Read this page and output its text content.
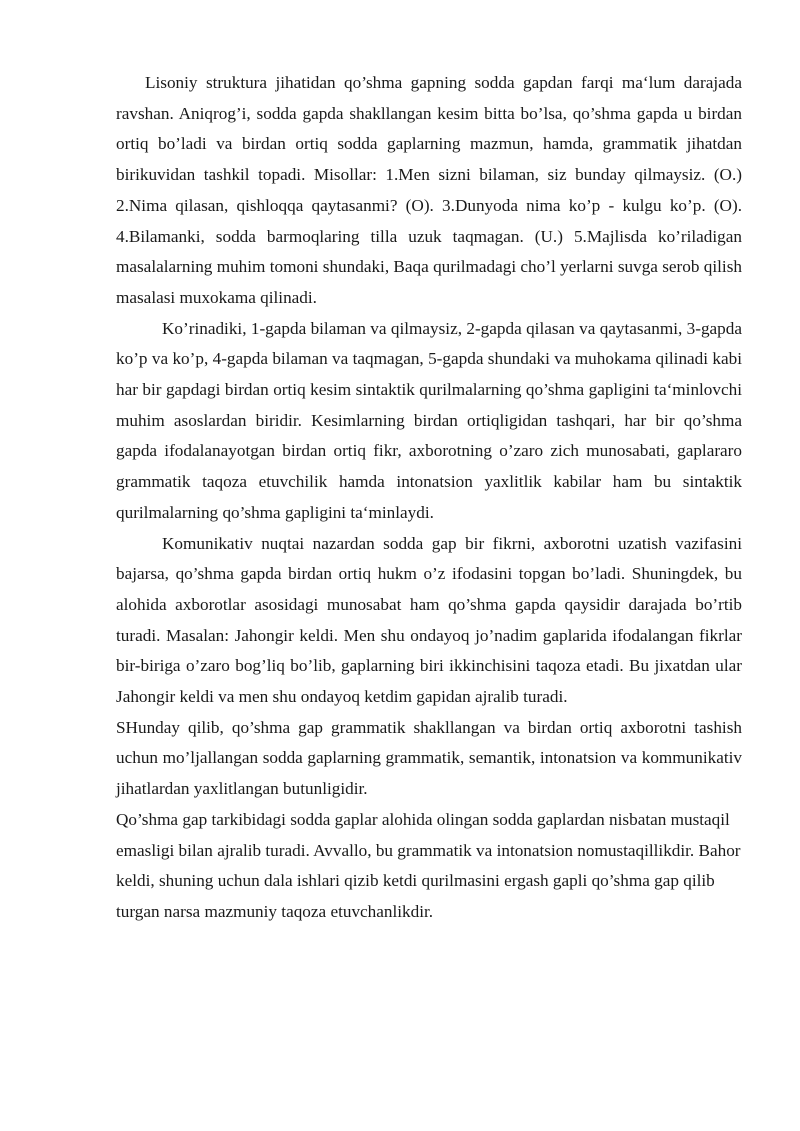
Lisoniy struktura jihatidan qo’shma gapning sodda gapdan farqi ma‘lum darajada ravshan. Aniqrog’i, sodda gapda shakllangan kesim bitta bo’lsa, qo’shma gapda u birdan ortiq bo’ladi va birdan ortiq sodda gaplarning mazmun, hamda, grammatik jihatdan birikuvidan tashkil topadi. Misollar: 1.Men sizni bilaman, siz bunday qilmaysiz. (O.) 2.Nima qilasan, qishloqqa qaytasanmi? (O). 3.Dunyoda nima ko’p - kulgu ko’p. (O). 4.Bilamanki, sodda barmoqlaring tilla uzuk taqmagan. (U.) 5.Majlisda ko’riladigan masalalarning muhim tomoni shundaki, Baqa qurilmadagi cho’l yerlarni suvga serob qilish masalasi muxokama qilinadi.

Ko’rinadiki, 1-gapda bilaman va qilmaysiz, 2-gapda qilasan va qaytasanmi, 3-gapda ko’p va ko’p, 4-gapda bilaman va taqmagan, 5-gapda shundaki va muhokama qilinadi kabi har bir gapdagi birdan ortiq kesim sintaktik qurilmalarning qo’shma gapligini ta‘minlovchi muhim asoslardan biridir. Kesimlarning birdan ortiqligidan tashqari, har bir qo’shma gapda ifodalanayotgan birdan ortiq fikr, axborotning o’zaro zich munosabati, gaplararo grammatik taqoza etuvchilik hamda intonatsion yaxlitlik kabilar ham bu sintaktik qurilmalarning qo’shma gapligini ta‘minlaydi.

Komunikativ nuqtai nazardan sodda gap bir fikrni, axborotni uzatish vazifasini bajarsa, qo’shma gapda birdan ortiq hukm o’z ifodasini topgan bo’ladi. Shuningdek, bu alohida axborotlar asosidagi munosabat ham qo’shma gapda qaysidir darajada bo’rtib turadi. Masalan: Jahongir keldi. Men shu ondayoq jo’nadim gaplarida ifodalangan fikrlar bir-biriga o’zaro bog’liq bo’lib, gaplarning biri ikkinchisini taqoza etadi. Bu jixatdan ular Jahongir keldi va men shu ondayoq ketdim gapidan ajralib turadi.

SHunday qilib, qo’shma gap grammatik shakllangan va birdan ortiq axborotni tashish uchun mo’ljallangan sodda gaplarning grammatik, semantik, intonatsion va kommunikativ jihatlardan yaxlitlangan butunligidir.

Qo’shma gap tarkibidagi sodda gaplar alohida olingan sodda gaplardan nisbatan mustaqil emasligi bilan ajralib turadi. Avvallo, bu grammatik va intonatsion nomustaqillikdir. Bahor keldi, shuning uchun dala ishlari qizib ketdi qurilmasini ergash gapli qo’shma gap qilib turgan narsa mazmuniy taqoza etuvchanlikdir.
